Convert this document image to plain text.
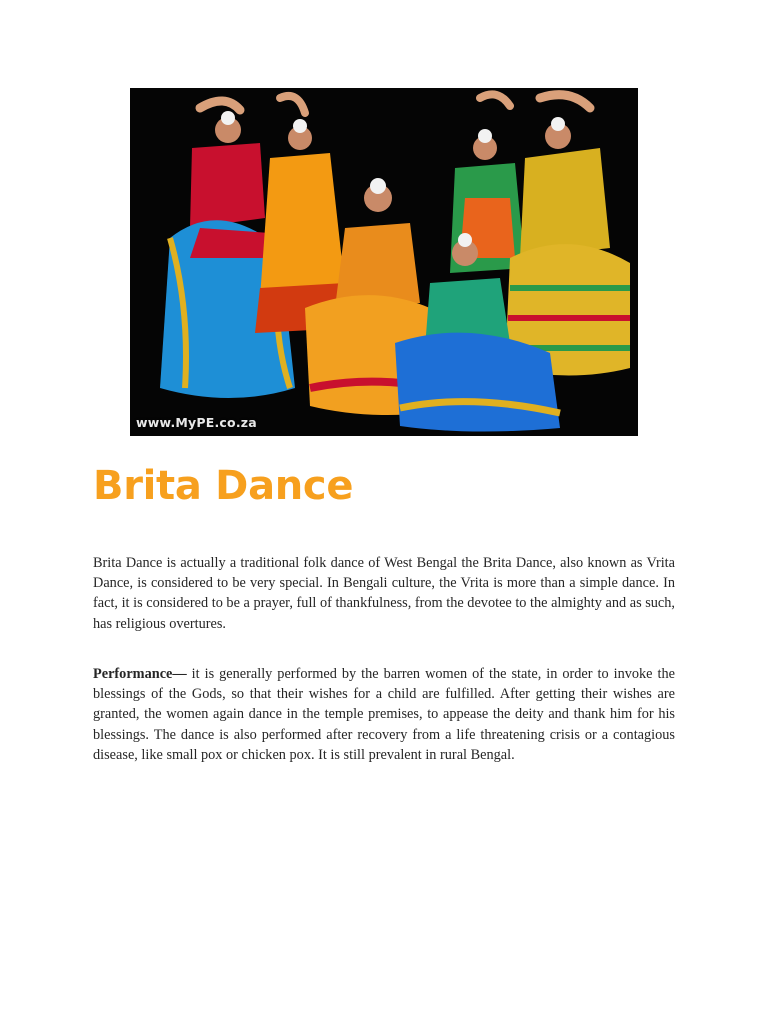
www.MyPE.co.za
Brita Dance

Brita Dance is actually a traditional folk dance of West Bengal the Brita Dance, also known as Vrita Dance, is considered to be very special. In Bengali culture, the Vrita is more than a simple dance. In fact, it is considered to be a prayer, full of thankfulness, from the devotee to the almighty and as such, has religious overtures.

Performance— it is generally performed by the barren women of the state, in order to invoke the blessings of the Gods, so that their wishes for a child are fulfilled. After getting their wishes are granted, the women again dance in the temple premises, to appease the deity and thank him for his blessings. The dance is also performed after recovery from a life threatening crisis or a contagious disease, like small pox or chicken pox. It is still prevalent in rural Bengal.
